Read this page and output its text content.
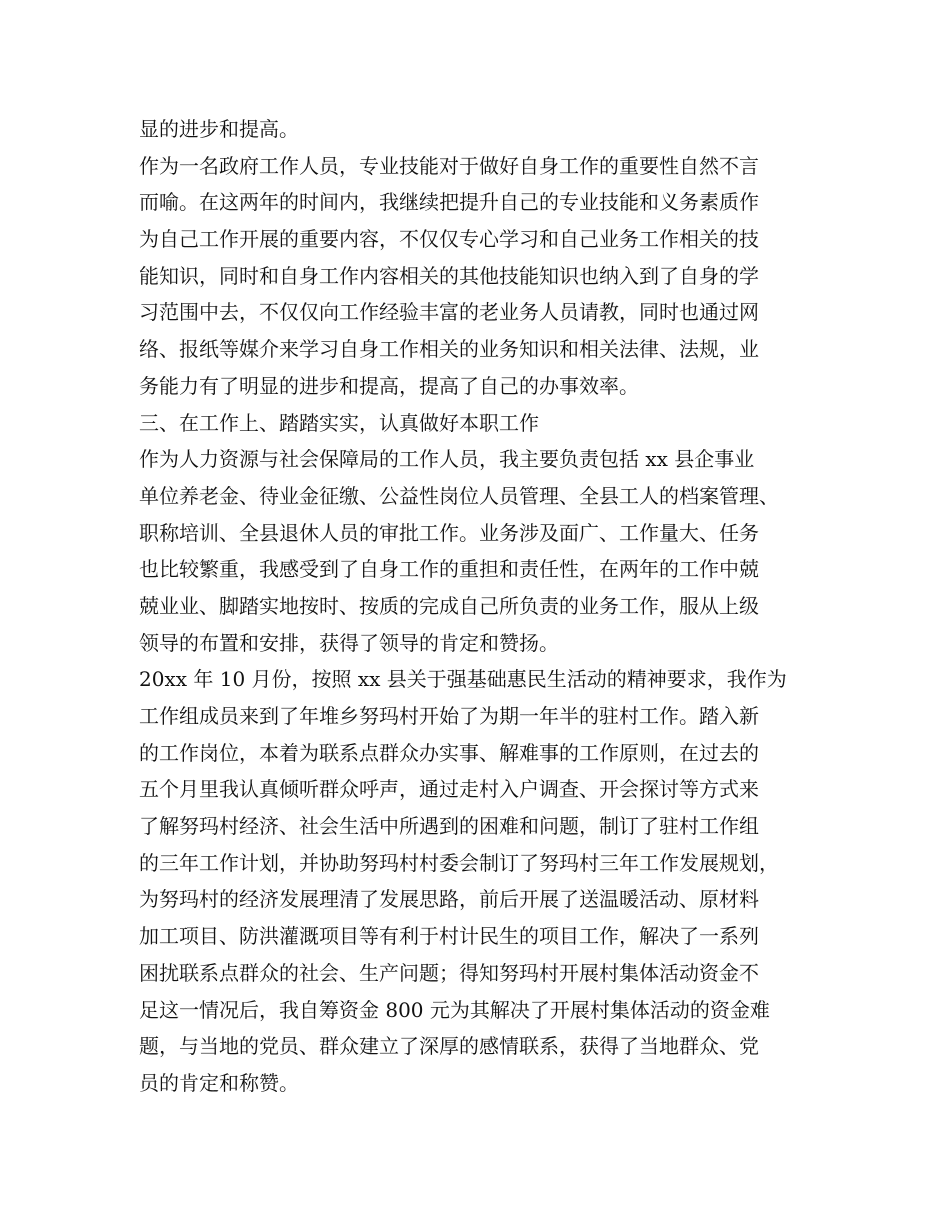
显的进步和提高。
作为一名政府工作人员，专业技能对于做好自身工作的重要性自然不言
而喻。在这两年的时间内，我继续把提升自己的专业技能和义务素质作
为自己工作开展的重要内容，不仅仅专心学习和自己业务工作相关的技
能知识，同时和自身工作内容相关的其他技能知识也纳入到了自身的学
习范围中去，不仅仅向工作经验丰富的老业务人员请教，同时也通过网
络、报纸等媒介来学习自身工作相关的业务知识和相关法律、法规，业
务能力有了明显的进步和提高，提高了自己的办事效率。
三、在工作上、踏踏实实，认真做好本职工作
作为人力资源与社会保障局的工作人员，我主要负责包括 xx 县企事业
单位养老金、待业金征缴、公益性岗位人员管理、全县工人的档案管理、
职称培训、全县退休人员的审批工作。业务涉及面广、工作量大、任务
也比较繁重，我感受到了自身工作的重担和责任性，在两年的工作中兢
兢业业、脚踏实地按时、按质的完成自己所负责的业务工作，服从上级
领导的布置和安排，获得了领导的肯定和赞扬。
20xx 年 10 月份，按照 xx 县关于强基础惠民生活动的精神要求，我作为
工作组成员来到了年堆乡努玛村开始了为期一年半的驻村工作。踏入新
的工作岗位，本着为联系点群众办实事、解难事的工作原则，在过去的
五个月里我认真倾听群众呼声，通过走村入户调查、开会探讨等方式来
了解努玛村经济、社会生活中所遇到的困难和问题，制订了驻村工作组
的三年工作计划，并协助努玛村村委会制订了努玛村三年工作发展规划，
为努玛村的经济发展理清了发展思路，前后开展了送温暖活动、原材料
加工项目、防洪灌溉项目等有利于村计民生的项目工作，解决了一系列
困扰联系点群众的社会、生产问题；得知努玛村开展村集体活动资金不
足这一情况后，我自筹资金 800 元为其解决了开展村集体活动的资金难
题，与当地的党员、群众建立了深厚的感情联系，获得了当地群众、党
员的肯定和称赞。
